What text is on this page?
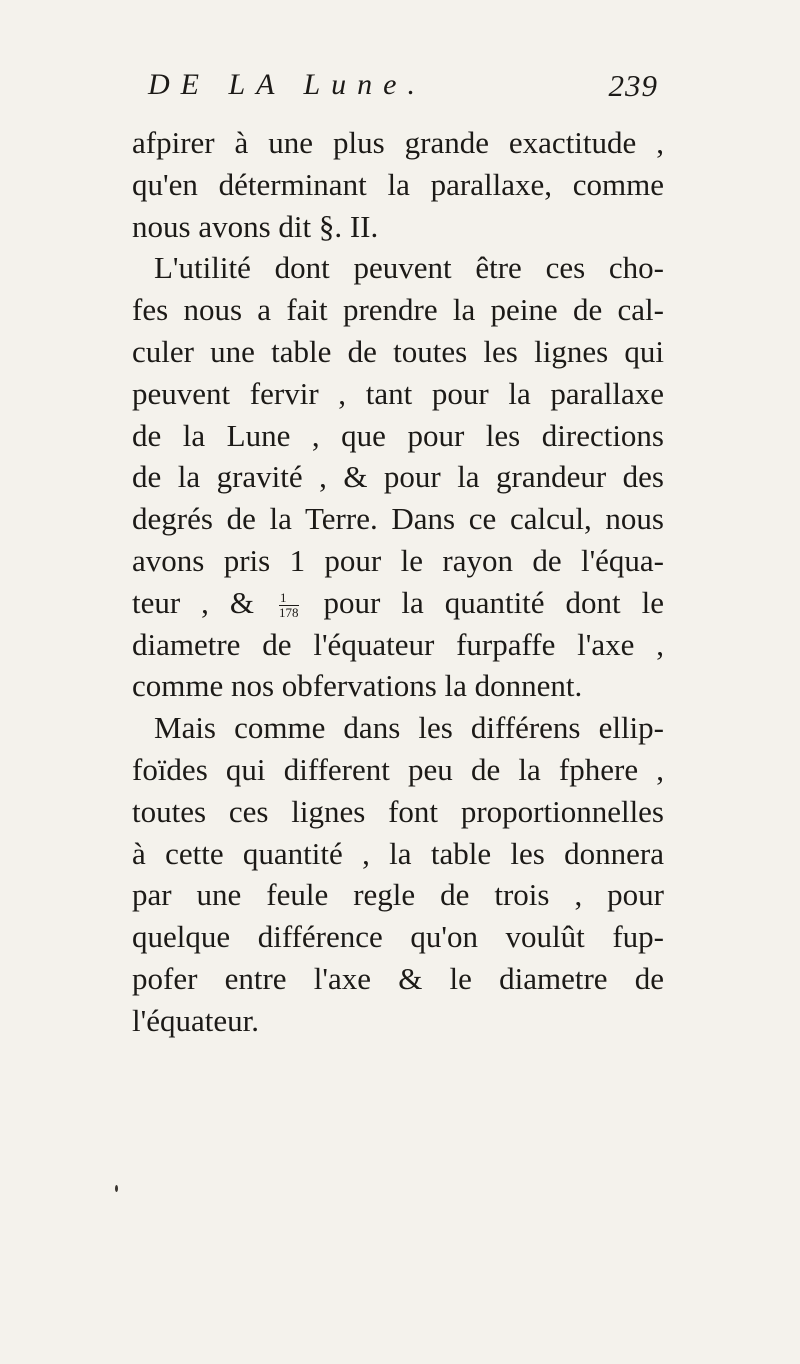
DE LA Lune.	239
afpirer à une plus grande exactitude ,
qu'en déterminant la parallaxe, comme
nous avons dit §. II.
L'utilité dont peuvent être ces cho-
fes nous a fait prendre la peine de cal-
culer une table de toutes les lignes qui
peuvent fervir , tant pour la parallaxe
de la Lune , que pour les directions
de la gravité , & pour la grandeur des
degrés de la Terre. Dans ce calcul, nous
avons pris 1 pour le rayon de l'équa-
teur , & $\frac{1}{178}$ pour la quantité dont le
diametre de l'équateur furpaffe l'axe ,
comme nos obfervations la donnent.
Mais comme dans les différens ellip-
foïdes qui different peu de la fphere ,
toutes ces lignes font proportionnelles
à cette quantité , la table les donnera
par une feule regle de trois , pour
quelque différence qu'on voulût fup-
pofer entre l'axe & le diametre de
l'équateur.
